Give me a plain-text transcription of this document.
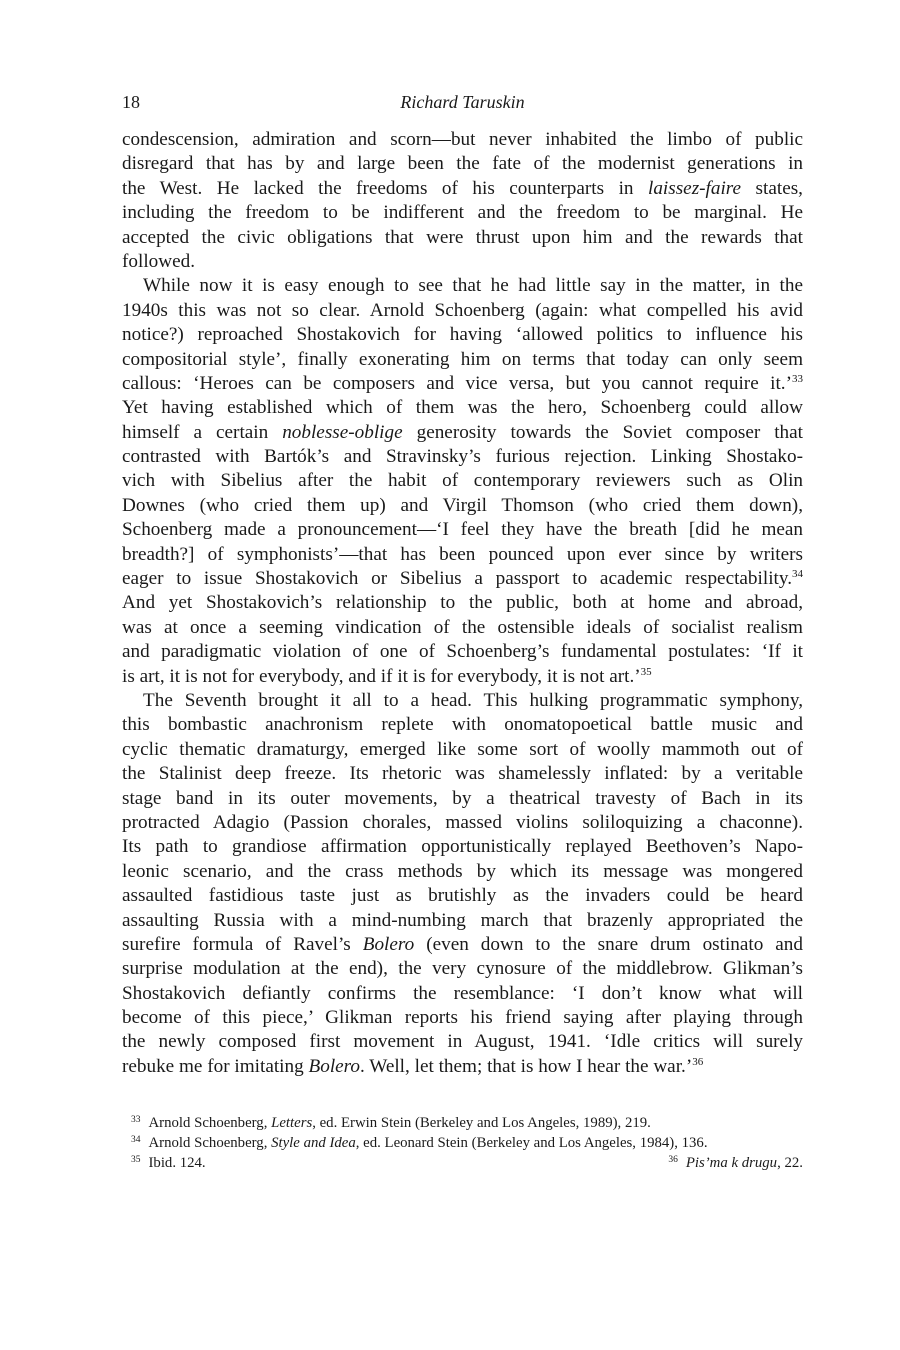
18	Richard Taruskin
condescension, admiration and scorn—but never inhabited the limbo of public
disregard that has by and large been the fate of the modernist generations in
the West. He lacked the freedoms of his counterparts in laissez-faire states,
including the freedom to be indifferent and the freedom to be marginal. He
accepted the civic obligations that were thrust upon him and the rewards that
followed.
While now it is easy enough to see that he had little say in the matter, in the
1940s this was not so clear. Arnold Schoenberg (again: what compelled his avid
notice?) reproached Shostakovich for having ‘allowed politics to influence his
compositorial style’, finally exonerating him on terms that today can only seem
callous: ‘Heroes can be composers and vice versa, but you cannot require it.’$^{33}$
Yet having established which of them was the hero, Schoenberg could allow
himself a certain noblesse-oblige generosity towards the Soviet composer that
contrasted with Bartók’s and Stravinsky’s furious rejection. Linking Shostako-
vich with Sibelius after the habit of contemporary reviewers such as Olin
Downes (who cried them up) and Virgil Thomson (who cried them down),
Schoenberg made a pronouncement—‘I feel they have the breath [did he mean
breadth?] of symphonists’—that has been pounced upon ever since by writers
eager to issue Shostakovich or Sibelius a passport to academic respectability.$^{34}$
And yet Shostakovich’s relationship to the public, both at home and abroad,
was at once a seeming vindication of the ostensible ideals of socialist realism
and paradigmatic violation of one of Schoenberg’s fundamental postulates: ‘If it
is art, it is not for everybody, and if it is for everybody, it is not art.’$^{35}$
The Seventh brought it all to a head. This hulking programmatic symphony,
this bombastic anachronism replete with onomatopoetical battle music and
cyclic thematic dramaturgy, emerged like some sort of woolly mammoth out of
the Stalinist deep freeze. Its rhetoric was shamelessly inflated: by a veritable
stage band in its outer movements, by a theatrical travesty of Bach in its
protracted Adagio (Passion chorales, massed violins soliloquizing a chaconne).
Its path to grandiose affirmation opportunistically replayed Beethoven’s Napo-
leonic scenario, and the crass methods by which its message was mongered
assaulted fastidious taste just as brutishly as the invaders could be heard
assaulting Russia with a mind-numbing march that brazenly appropriated the
surefire formula of Ravel’s Bolero (even down to the snare drum ostinato and
surprise modulation at the end), the very cynosure of the middlebrow. Glikman’s
Shostakovich defiantly confirms the resemblance: ‘I don’t know what will
become of this piece,’ Glikman reports his friend saying after playing through
the newly composed first movement in August, 1941. ‘Idle critics will surely
rebuke me for imitating Bolero. Well, let them; that is how I hear the war.’$^{36}$
$^{33}$ Arnold Schoenberg, Letters, ed. Erwin Stein (Berkeley and Los Angeles, 1989), 219.
$^{34}$ Arnold Schoenberg, Style and Idea, ed. Leonard Stein (Berkeley and Los Angeles, 1984), 136.
$^{35}$ Ibid. 124.	$^{36}$ Pis’ma k drugu, 22.
